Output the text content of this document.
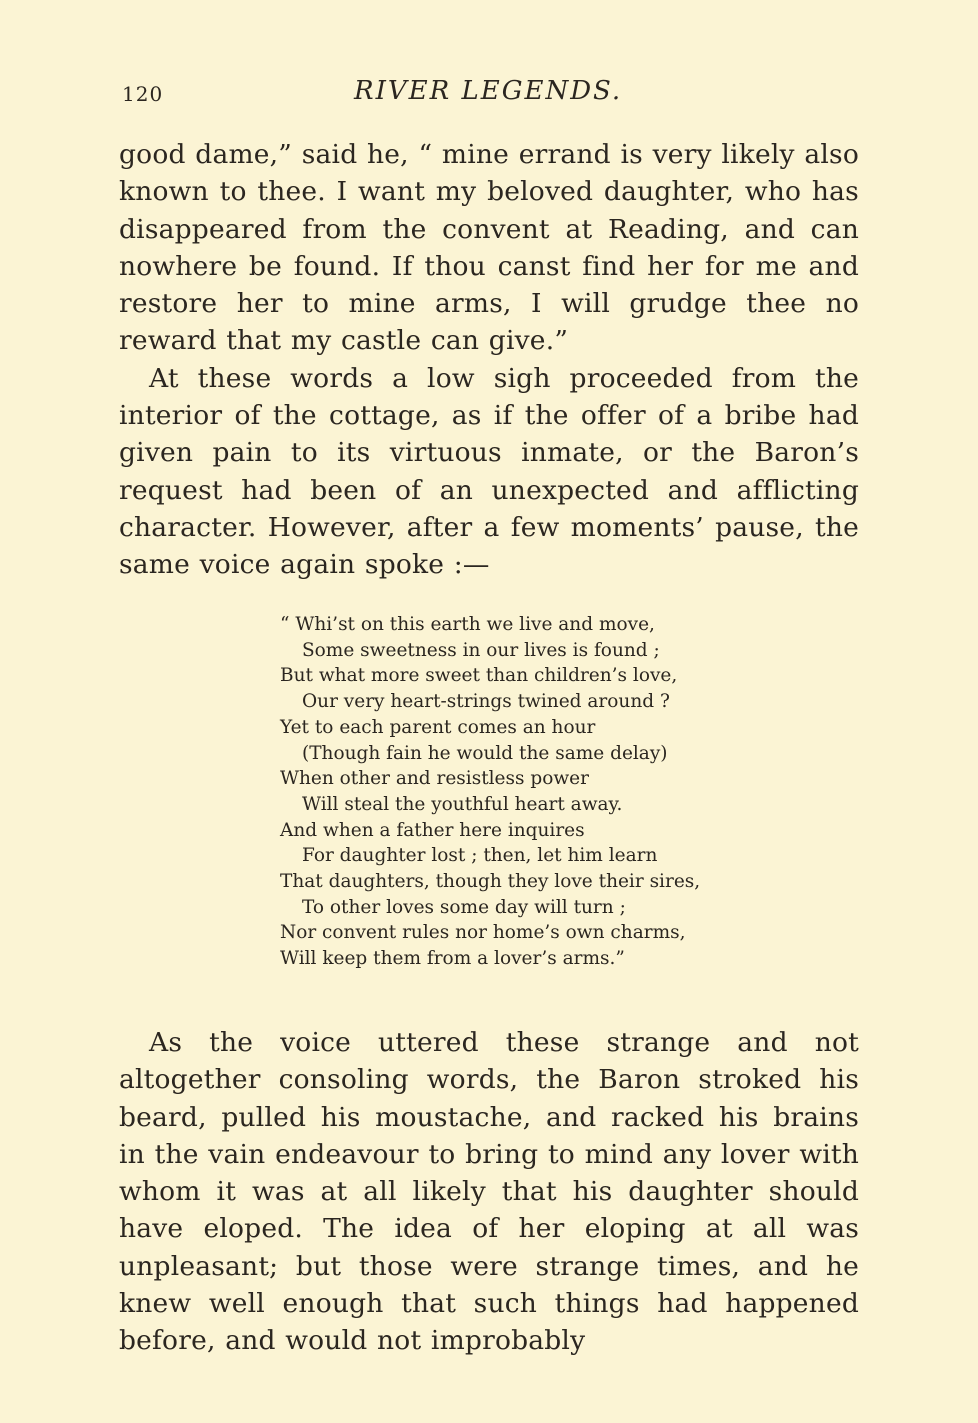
120	RIVER LEGENDS.

good dame,” said he, “ mine errand is very likely also known to thee. I want my beloved daughter, who has disappeared from the convent at Reading, and can nowhere be found. If thou canst find her for me and restore her to mine arms, I will grudge thee no reward that my castle can give.”

At these words a low sigh proceeded from the interior of the cottage, as if the offer of a bribe had given pain to its virtuous inmate, or the Baron’s request had been of an unexpected and afflicting character. However, after a few moments’ pause, the same voice again spoke :—

“ Whi’st on this earth we live and move,
Some sweetness in our lives is found ;
But what more sweet than children’s love,
Our very heart-strings twined around ?
Yet to each parent comes an hour
(Though fain he would the same delay)
When other and resistless power
Will steal the youthful heart away.
And when a father here inquires
For daughter lost ; then, let him learn
That daughters, though they love their sires,
To other loves some day will turn ;
Nor convent rules nor home’s own charms,
Will keep them from a lover’s arms.”

As the voice uttered these strange and not altogether consoling words, the Baron stroked his beard, pulled his moustache, and racked his brains in the vain endeavour to bring to mind any lover with whom it was at all likely that his daughter should have eloped. The idea of her eloping at all was unpleasant; but those were strange times, and he knew well enough that such things had happened before, and would not improbably
